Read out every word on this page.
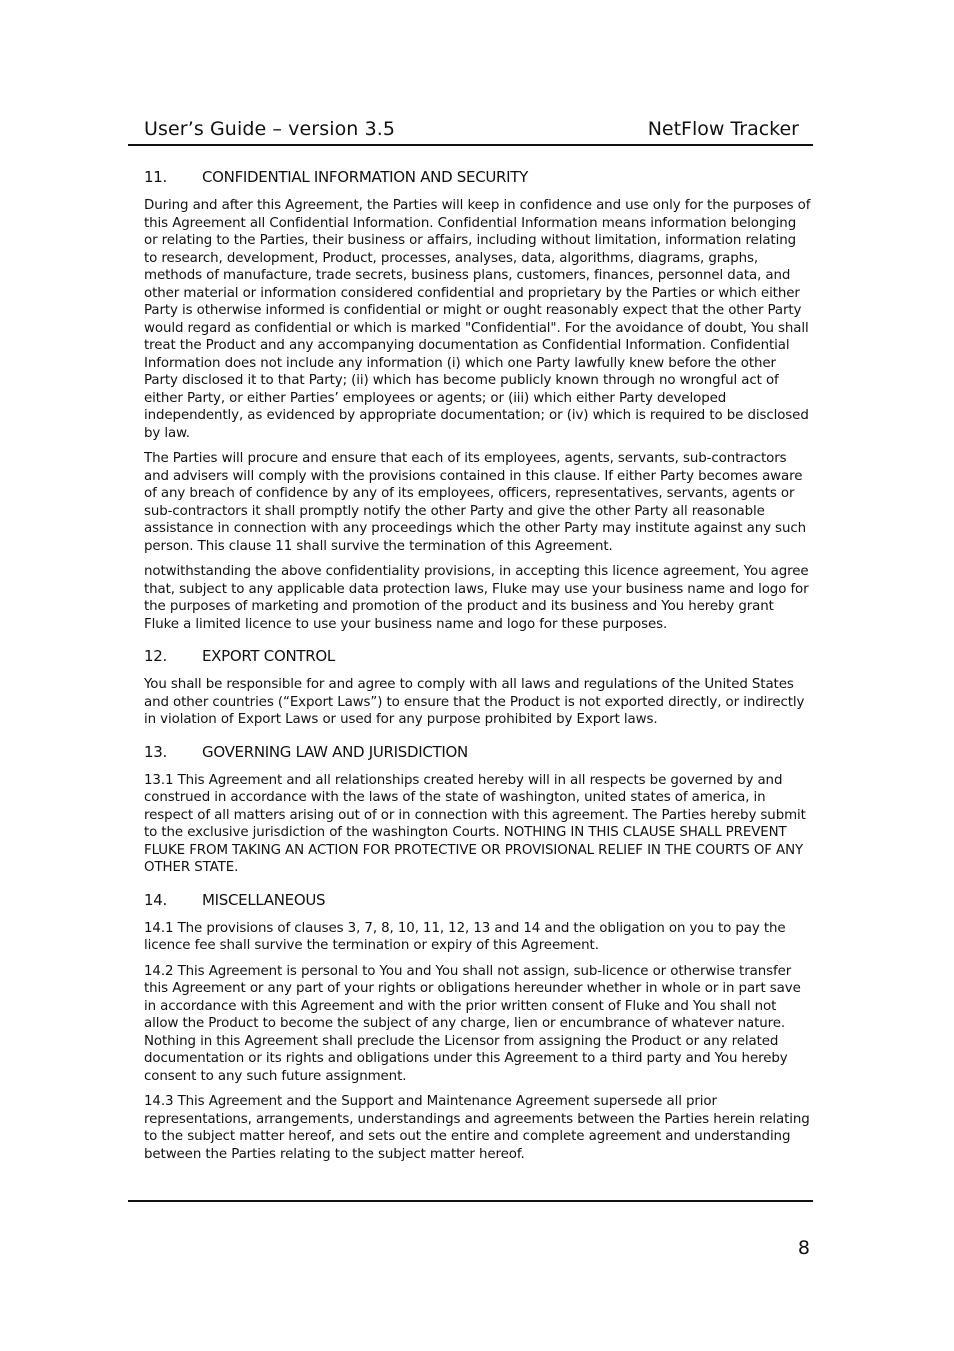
User’s Guide – version 3.5	NetFlow Tracker
11.	CONFIDENTIAL INFORMATION AND SECURITY

During and after this Agreement, the Parties will keep in confidence and use only for the purposes of this Agreement all Confidential Information. Confidential Information means information belonging or relating to the Parties, their business or affairs, including without limitation, information relating to research, development, Product, processes, analyses, data, algorithms, diagrams, graphs, methods of manufacture, trade secrets, business plans, customers, finances, personnel data, and other material or information considered confidential and proprietary by the Parties or which either Party is otherwise informed is confidential or might or ought reasonably expect that the other Party would regard as confidential or which is marked "Confidential". For the avoidance of doubt, You shall treat the Product and any accompanying documentation as Confidential Information. Confidential Information does not include any information (i) which one Party lawfully knew before the other Party disclosed it to that Party; (ii) which has become publicly known through no wrongful act of either Party, or either Parties’ employees or agents; or (iii) which either Party developed independently, as evidenced by appropriate documentation; or (iv) which is required to be disclosed by law.

The Parties will procure and ensure that each of its employees, agents, servants, sub-contractors and advisers will comply with the provisions contained in this clause. If either Party becomes aware of any breach of confidence by any of its employees, officers, representatives, servants, agents or sub-contractors it shall promptly notify the other Party and give the other Party all reasonable assistance in connection with any proceedings which the other Party may institute against any such person. This clause 11 shall survive the termination of this Agreement.

notwithstanding the above confidentiality provisions, in accepting this licence agreement, You agree that, subject to any applicable data protection laws, Fluke may use your business name and logo for the purposes of marketing and promotion of the product and its business and You hereby grant Fluke a limited licence to use your business name and logo for these purposes.

12.	EXPORT CONTROL

You shall be responsible for and agree to comply with all laws and regulations of the United States and other countries (“Export Laws”) to ensure that the Product is not exported directly, or indirectly in violation of Export Laws or used for any purpose prohibited by Export laws.

13.	GOVERNING LAW AND JURISDICTION

13.1 This Agreement and all relationships created hereby will in all respects be governed by and construed in accordance with the laws of the state of washington, united states of america, in respect of all matters arising out of or in connection with this agreement. The Parties hereby submit to the exclusive jurisdiction of the washington Courts. NOTHING IN THIS CLAUSE SHALL PREVENT FLUKE FROM TAKING AN ACTION FOR PROTECTIVE OR PROVISIONAL RELIEF IN THE COURTS OF ANY OTHER STATE.

14.	MISCELLANEOUS

14.1 The provisions of clauses 3, 7, 8, 10, 11, 12, 13 and 14 and the obligation on you to pay the licence fee shall survive the termination or expiry of this Agreement.

14.2 This Agreement is personal to You and You shall not assign, sub-licence or otherwise transfer this Agreement or any part of your rights or obligations hereunder whether in whole or in part save in accordance with this Agreement and with the prior written consent of Fluke and You shall not allow the Product to become the subject of any charge, lien or encumbrance of whatever nature. Nothing in this Agreement shall preclude the Licensor from assigning the Product or any related documentation or its rights and obligations under this Agreement to a third party and You hereby consent to any such future assignment.

14.3 This Agreement and the Support and Maintenance Agreement supersede all prior representations, arrangements, understandings and agreements between the Parties herein relating to the subject matter hereof, and sets out the entire and complete agreement and understanding between the Parties relating to the subject matter hereof.

8
